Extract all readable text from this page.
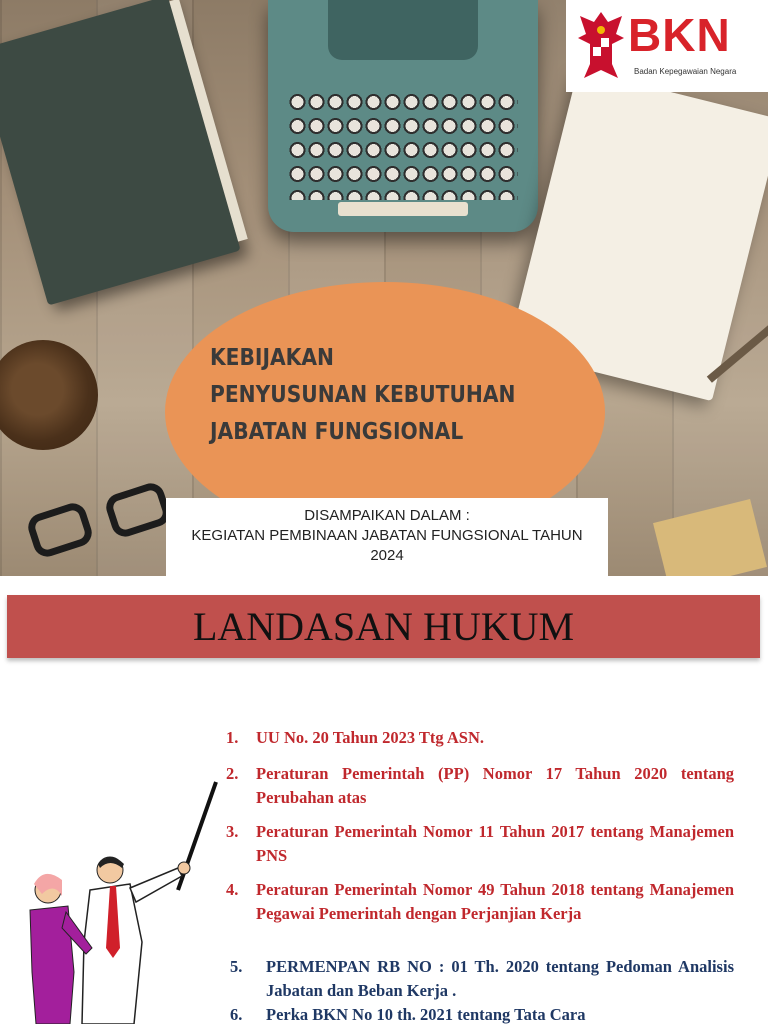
KEBIJAKAN
PENYUSUNAN KEBUTUHAN
JABATAN FUNGSIONAL
BKN
Badan Kepegawaian Negara
DISAMPAIKAN DALAM :
KEGIATAN PEMBINAAN JABATAN FUNGSIONAL TAHUN
2024
LANDASAN HUKUM
1. UU No. 20 Tahun 2023 Ttg ASN.
2. Peraturan Pemerintah (PP) Nomor 17 Tahun 2020 tentang Perubahan atas
3. Peraturan Pemerintah Nomor 11 Tahun 2017 tentang Manajemen PNS
4. Peraturan Pemerintah Nomor 49 Tahun 2018 tentang Manajemen Pegawai Pemerintah dengan Perjanjian Kerja
5. PERMENPAN RB NO : 01 Th. 2020 tentang Pedoman Analisis Jabatan dan Beban Kerja .
6. Perka BKN No 10 th. 2021 tentang Tata Cara
